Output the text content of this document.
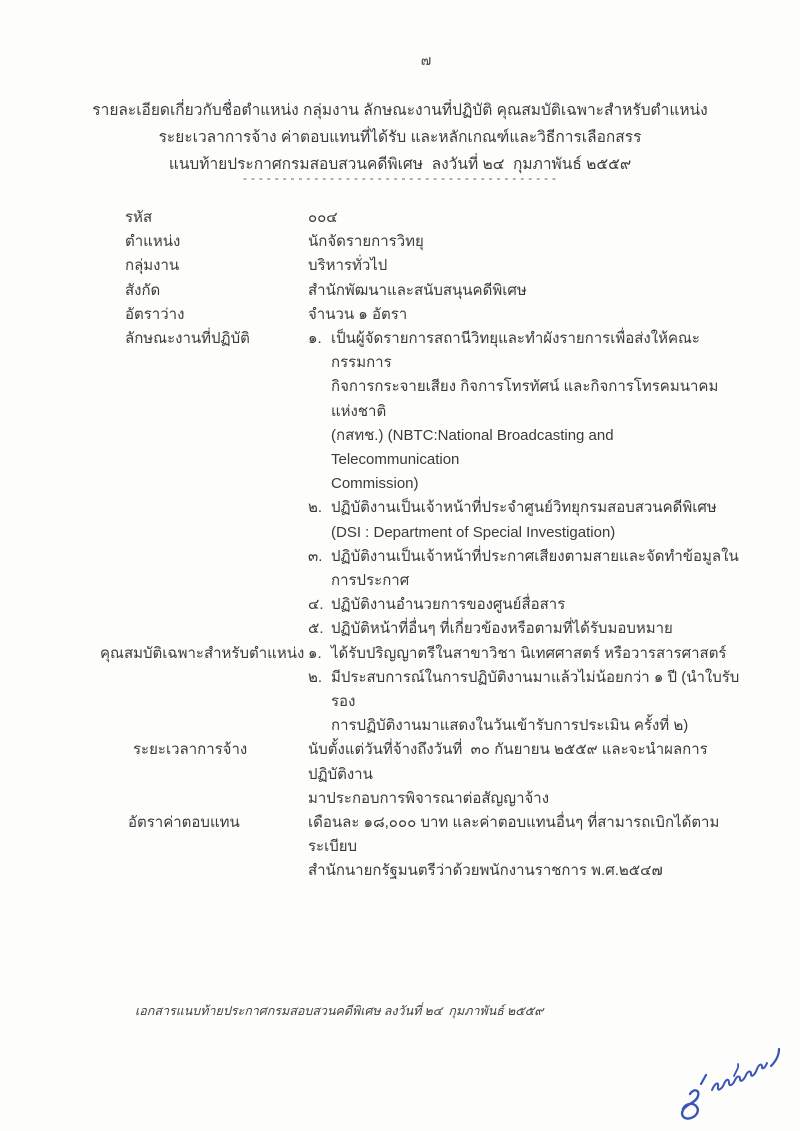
๗
รายละเอียดเกี่ยวกับชื่อตำแหน่ง กลุ่มงาน ลักษณะงานที่ปฏิบัติ คุณสมบัติเฉพาะสำหรับตำแหน่ง
ระยะเวลาการจ้าง ค่าตอบแทนที่ได้รับ และหลักเกณฑ์และวิธีการเลือกสรร
แนบท้ายประกาศกรมสอบสวนคดีพิเศษ  ลงวันที่ ๒๔  กุมภาพันธ์ ๒๕๕๙
----------------------------------------
รหัส	๐๐๔
ตำแหน่ง	นักจัดรายการวิทยุ
กลุ่มงาน	บริหารทั่วไป
สังกัด	สำนักพัฒนาและสนับสนุนคดีพิเศษ
อัตราว่าง	จำนวน ๑ อัตรา
ลักษณะงานที่ปฏิบัติ	๑. เป็นผู้จัดรายการสถานีวิทยุและทำผังรายการเพื่อส่งให้คณะกรรมการ
กิจการกระจายเสียง กิจการโทรทัศน์ และกิจการโทรคมนาคมแห่งชาติ
(กสทช.) (NBTC:National Broadcasting and Telecommunication
Commission)
๒. ปฏิบัติงานเป็นเจ้าหน้าที่ประจำศูนย์วิทยุกรมสอบสวนคดีพิเศษ
(DSI : Department of Special Investigation)
๓. ปฏิบัติงานเป็นเจ้าหน้าที่ประกาศเสียงตามสายและจัดทำข้อมูลในการประกาศ
๔. ปฏิบัติงานอำนวยการของศูนย์สื่อสาร
๕. ปฏิบัติหน้าที่อื่นๆ ที่เกี่ยวข้องหรือตามที่ได้รับมอบหมาย
คุณสมบัติเฉพาะสำหรับตำแหน่ง ๑. ได้รับปริญญาตรีในสาขาวิชา นิเทศศาสตร์ หรือวารสารศาสตร์
๒. มีประสบการณ์ในการปฏิบัติงานมาแล้วไม่น้อยกว่า ๑ ปี (นำใบรับรอง
การปฏิบัติงานมาแสดงในวันเข้ารับการประเมิน ครั้งที่ ๒)
ระยะเวลาการจ้าง	นับตั้งแต่วันที่จ้างถึงวันที่  ๓๐ กันยายน ๒๕๕๙ และจะนำผลการปฏิบัติงาน
มาประกอบการพิจารณาต่อสัญญาจ้าง
อัตราค่าตอบแทน	เดือนละ ๑๘,๐๐๐ บาท และค่าตอบแทนอื่นๆ ที่สามารถเบิกได้ตามระเบียบ
สำนักนายกรัฐมนตรีว่าด้วยพนักงานราชการ พ.ศ.๒๕๔๗
เอกสารแนบท้ายประกาศกรมสอบสวนคดีพิเศษ ลงวันที่ ๒๔  กุมภาพันธ์ ๒๕๕๙
